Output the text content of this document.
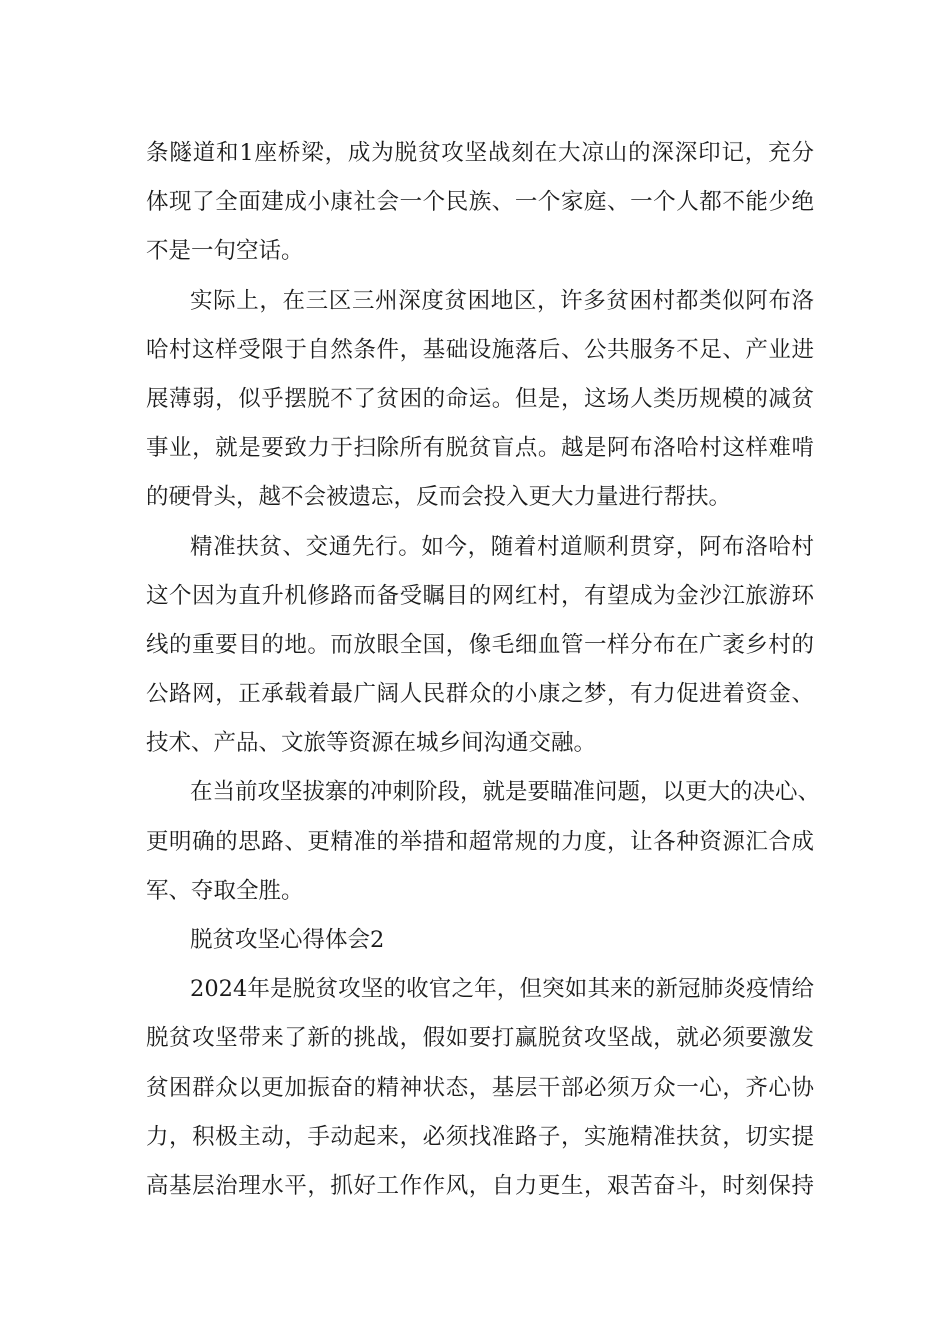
条隧道和1座桥梁，成为脱贫攻坚战刻在大凉山的深深印记，充分
体现了全面建成小康社会一个民族、一个家庭、一个人都不能少绝
不是一句空话。
实际上，在三区三州深度贫困地区，许多贫困村都类似阿布洛
哈村这样受限于自然条件，基础设施落后、公共服务不足、产业进
展薄弱，似乎摆脱不了贫困的命运。但是，这场人类历规模的减贫
事业，就是要致力于扫除所有脱贫盲点。越是阿布洛哈村这样难啃
的硬骨头，越不会被遗忘，反而会投入更大力量进行帮扶。
精准扶贫、交通先行。如今，随着村道顺利贯穿，阿布洛哈村
这个因为直升机修路而备受瞩目的网红村，有望成为金沙江旅游环
线的重要目的地。而放眼全国，像毛细血管一样分布在广袤乡村的
公路网，正承载着最广阔人民群众的小康之梦，有力促进着资金、
技术、产品、文旅等资源在城乡间沟通交融。
在当前攻坚拔寨的冲刺阶段，就是要瞄准问题，以更大的决心、
更明确的思路、更精准的举措和超常规的力度，让各种资源汇合成
军、夺取全胜。
脱贫攻坚心得体会2
2024年是脱贫攻坚的收官之年，但突如其来的新冠肺炎疫情给
脱贫攻坚带来了新的挑战，假如要打赢脱贫攻坚战，就必须要激发
贫困群众以更加振奋的精神状态，基层干部必须万众一心，齐心协
力，积极主动，手动起来，必须找准路子，实施精准扶贫，切实提
高基层治理水平，抓好工作作风，自力更生，艰苦奋斗，时刻保持
